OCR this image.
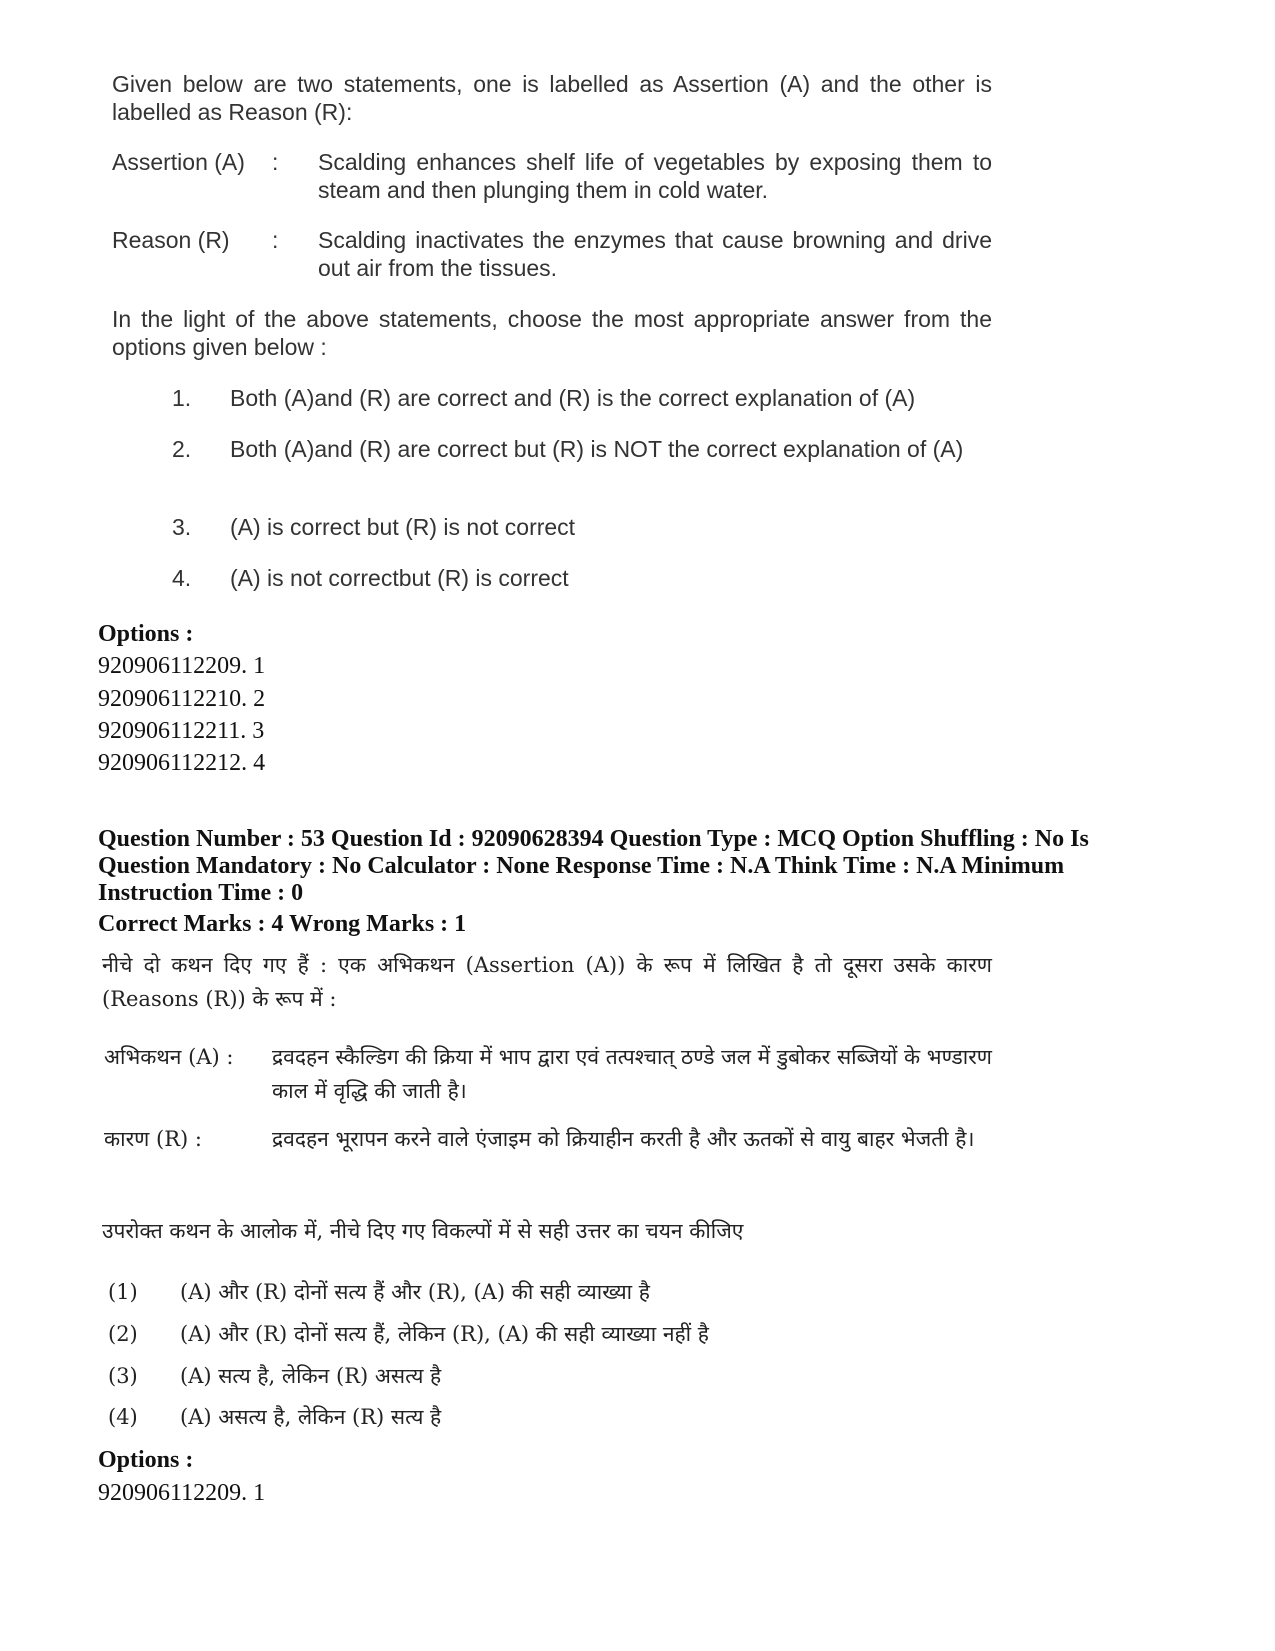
Given below are two statements, one is labelled as Assertion (A) and the other is labelled as Reason (R):
Assertion (A) : Scalding enhances shelf life of vegetables by exposing them to steam and then plunging them in cold water.
Reason (R) : Scalding inactivates the enzymes that cause browning and drive out air from the tissues.
In the light of the above statements, choose the most appropriate answer from the options given below :
1. Both (A)and (R) are correct and (R) is the correct explanation of (A)
2. Both (A)and (R) are correct but (R) is NOT the correct explanation of (A)
3. (A) is correct but (R) is not correct
4. (A) is not correctbut (R) is correct
Options :
920906112209. 1
920906112210. 2
920906112211. 3
920906112212. 4
Question Number : 53 Question Id : 92090628394 Question Type : MCQ Option Shuffling : No Is Question Mandatory : No Calculator : None Response Time : N.A Think Time : N.A Minimum Instruction Time : 0
Correct Marks : 4 Wrong Marks : 1
नीचे दो कथन दिए गए हैं : एक अभिकथन (Assertion (A)) के रूप में लिखित है तो दूसरा उसके कारण (Reasons (R)) के रूप में :
अभिकथन (A) : द्रवदहन स्कैल्डिग की क्रिया में भाप द्वारा एवं तत्पश्चात् ठण्डे जल में डुबोकर सब्जियों के भण्डारण काल में वृद्धि की जाती है।
कारण (R) :	द्रवदहन भूरापन करने वाले एंजाइम को क्रियाहीन करती है और ऊतकों से वायु बाहर भेजती है।
उपरोक्त कथन के आलोक में, नीचे दिए गए विकल्पों में से सही उत्तर का चयन कीजिए
(1) (A) और (R) दोनों सत्य हैं और (R), (A) की सही व्याख्या है
(2) (A) और (R) दोनों सत्य हैं, लेकिन (R), (A) की सही व्याख्या नहीं है
(3) (A) सत्य है, लेकिन (R) असत्य है
(4) (A) असत्य है, लेकिन (R) सत्य है
Options :
920906112209. 1
